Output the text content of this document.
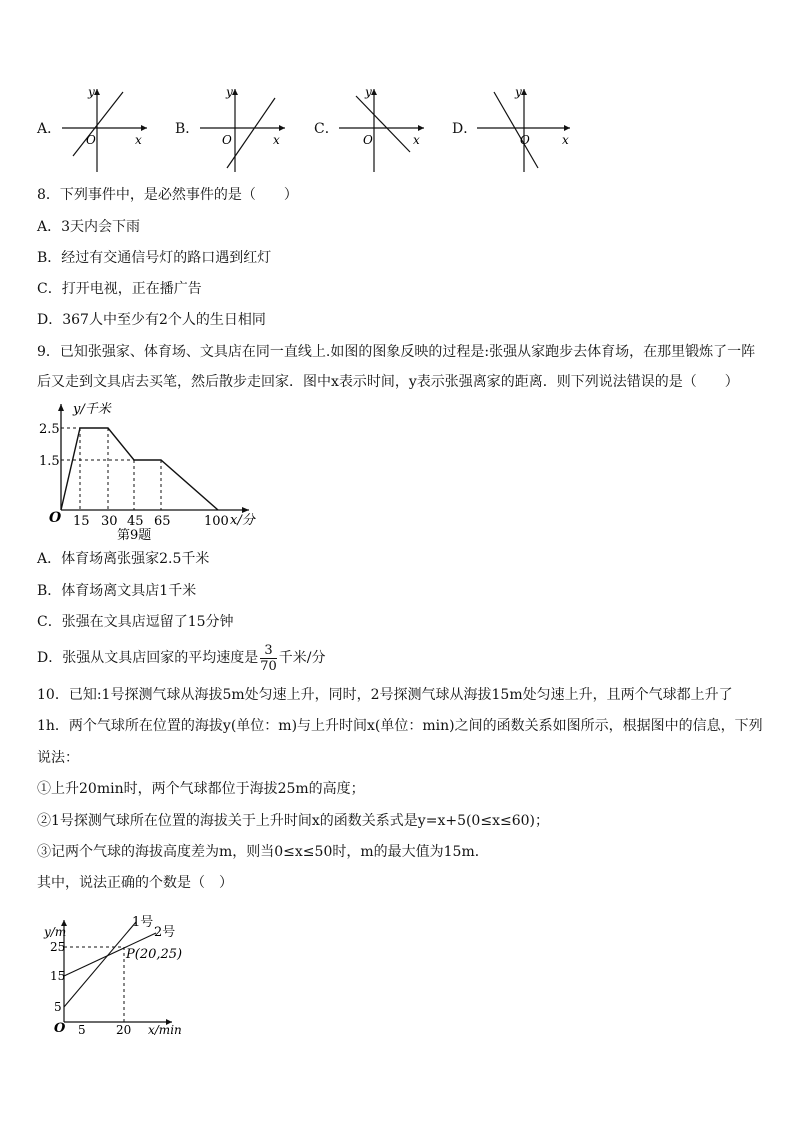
A．
y
O	x
B．
y
O	x
C．
y
O	x
D．
y
O	x
8．下列事件中，是必然事件的是（　　）
A．3天内会下雨
B．经过有交通信号灯的路口遇到红灯
C．打开电视，正在播广告
D．367人中至少有2个人的生日相同
9．已知张强家、体育场、文具店在同一直线上.如图的图象反映的过程是:张强从家跑步去体育场，在那里锻炼了一阵
后又走到文具店去买笔，然后散步走回家．图中x表示时间，y表示张强离家的距离．则下列说法错误的是（　　）
y/千米
x/分
O
2.5
1.5
15 30 45 65	100
第9题
A．体育场离张强家2.5千米
B．体育场离文具店1千米
C．张强在文具店逗留了15分钟
D．张强从文具店回家的平均速度是 $\frac{3}{70}$ 千米/分
10．已知:1号探测气球从海拔5m处匀速上升，同时，2号探测气球从海拔15m处匀速上升，且两个气球都上升了
1h．两个气球所在位置的海拔y(单位：m)与上升时间x(单位：min)之间的函数关系如图所示，根据图中的信息，下列
说法：
①上升20min时，两个气球都位于海拔25m的高度；
②1号探测气球所在位置的海拔关于上升时间x的函数关系式是y=x+5(0≤x≤60)；
③记两个气球的海拔高度差为m，则当0≤x≤50时，m的最大值为15m．
其中，说法正确的个数是（　）
1号
2号
P(20,25)
y/m
x/min
O
25
15
5
5	20
